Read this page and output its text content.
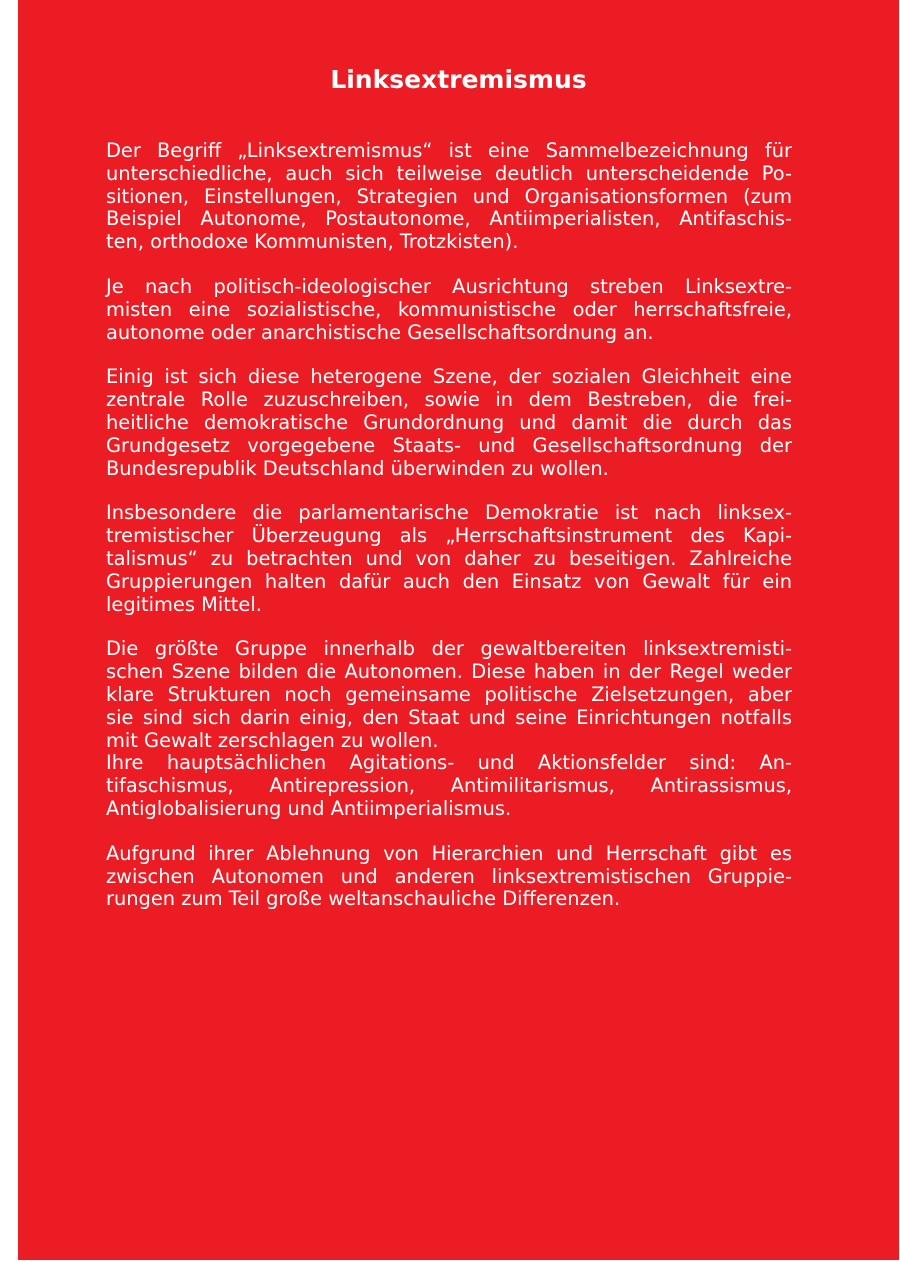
Linksextremismus

Der Begriff „Linksextremismus“ ist eine Sammelbezeichnung für
unterschiedliche, auch sich teilweise deutlich unterscheidende Po-
sitionen, Einstellungen, Strategien und Organisationsformen (zum
Beispiel Autonome, Postautonome, Antiimperialisten, Antifaschis-
ten, orthodoxe Kommunisten, Trotzkisten).

Je nach politisch-ideologischer Ausrichtung streben Linksextre-
misten eine sozialistische, kommunistische oder herrschaftsfreie,
autonome oder anarchistische Gesellschaftsordnung an.

Einig ist sich diese heterogene Szene, der sozialen Gleichheit eine
zentrale Rolle zuzuschreiben, sowie in dem Bestreben, die frei-
heitliche demokratische Grundordnung und damit die durch das
Grundgesetz vorgegebene Staats- und Gesellschaftsordnung der
Bundesrepublik Deutschland überwinden zu wollen.

Insbesondere die parlamentarische Demokratie ist nach linksex-
tremistischer Überzeugung als „Herrschaftsinstrument des Kapi-
talismus“ zu betrachten und von daher zu beseitigen. Zahlreiche
Gruppierungen halten dafür auch den Einsatz von Gewalt für ein
legitimes Mittel.

Die größte Gruppe innerhalb der gewaltbereiten linksextremisti-
schen Szene bilden die Autonomen. Diese haben in der Regel weder
klare Strukturen noch gemeinsame politische Zielsetzungen, aber
sie sind sich darin einig, den Staat und seine Einrichtungen notfalls
mit Gewalt zerschlagen zu wollen.

Ihre hauptsächlichen Agitations- und Aktionsfelder sind: An-
tifaschismus, Antirepression, Antimilitarismus, Antirassismus,
Antiglobalisierung und Antiimperialismus.

Aufgrund ihrer Ablehnung von Hierarchien und Herrschaft gibt es
zwischen Autonomen und anderen linksextremistischen Gruppie-
rungen zum Teil große weltanschauliche Differenzen.
